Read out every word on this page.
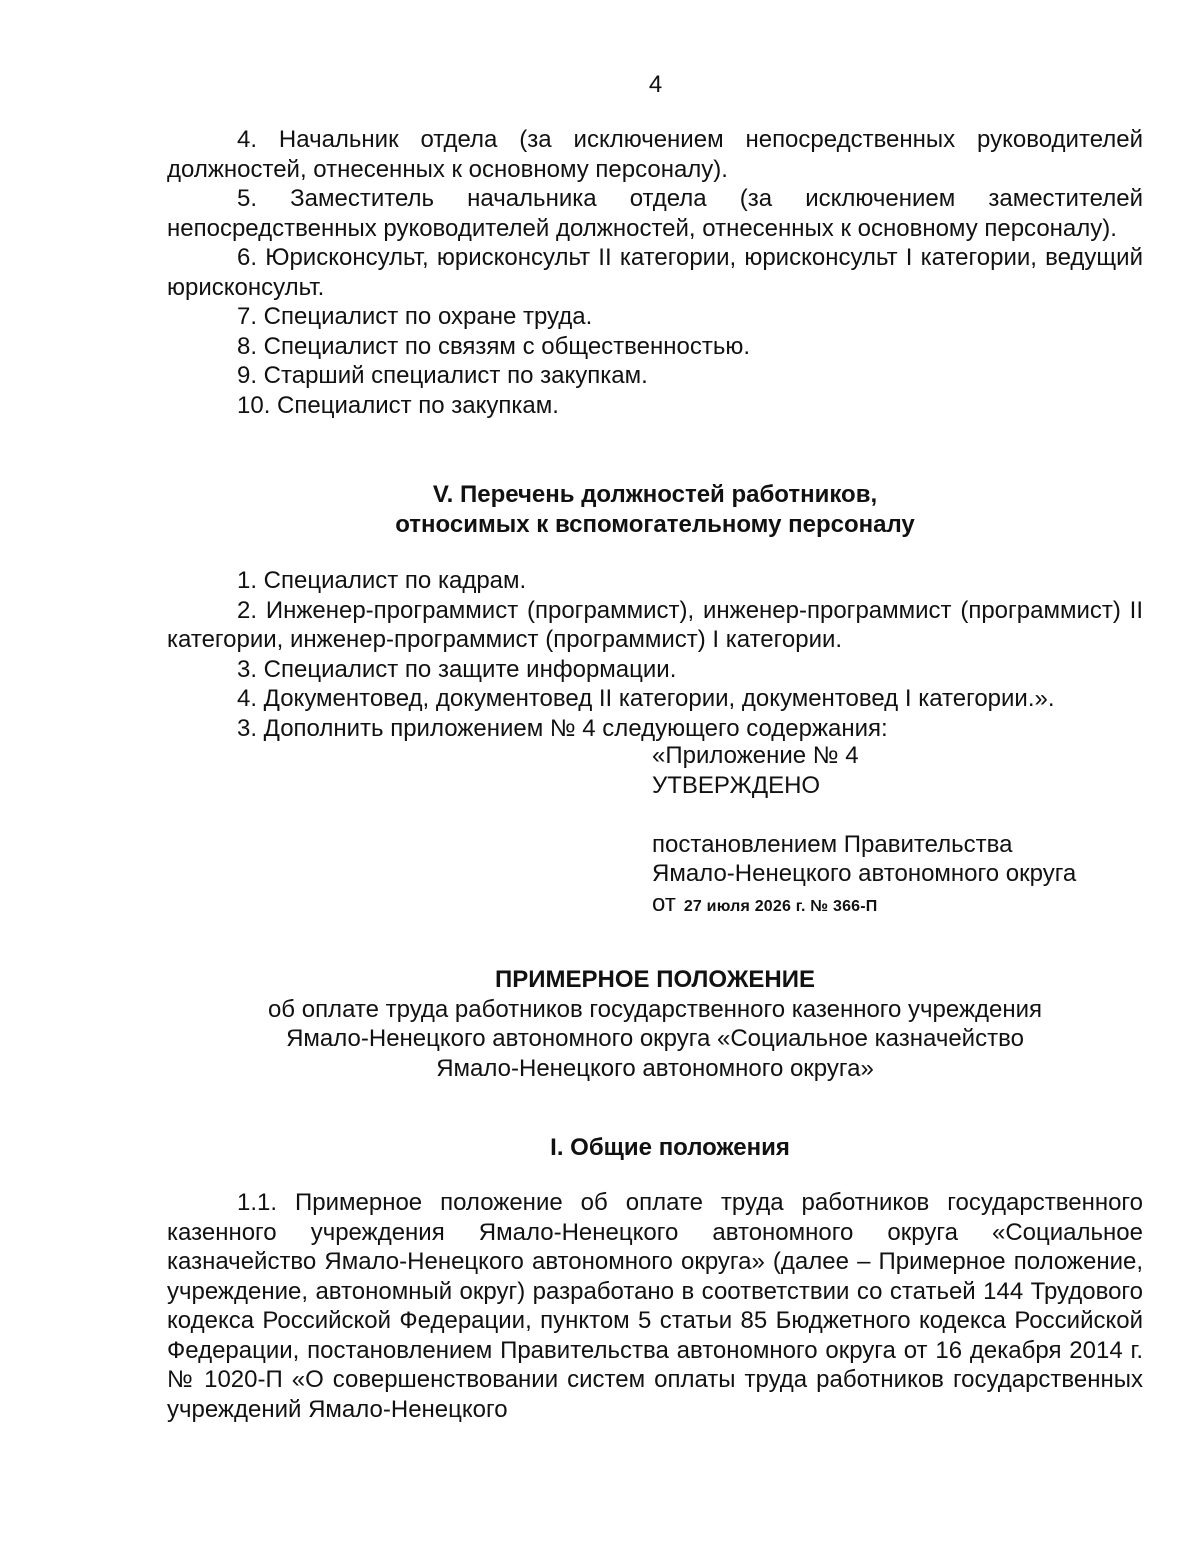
4

4. Начальник отдела (за исключением непосредственных руководителей должностей, отнесенных к основному персоналу).

5. Заместитель начальника отдела (за исключением заместителей непосредственных руководителей должностей, отнесенных к основному персоналу).

6. Юрисконсульт, юрисконсульт II категории, юрисконсульт I категории, ведущий юрисконсульт.

7. Специалист по охране труда.

8. Специалист по связям с общественностью.

9. Старший специалист по закупкам.

10. Специалист по закупкам.

V. Перечень должностей работников,

относимых к вспомогательному персоналу

1. Специалист по кадрам.

2. Инженер-программист (программист), инженер-программист (программист) II категории, инженер-программист (программист) I категории.

3. Специалист по защите информации.

4. Документовед, документовед II категории, документовед I категории.».

3. Дополнить приложением № 4 следующего содержания:

«Приложение № 4
УТВЕРЖДЕНО
постановлением Правительства
Ямало-Ненецкого автономного округа
от 27 июля 2026 г. № 366-П

ПРИМЕРНОЕ ПОЛОЖЕНИЕ

об оплате труда работников государственного казенного учреждения

Ямало-Ненецкого автономного округа «Социальное казначейство

Ямало-Ненецкого автономного округа»

I. Общие положения

1.1. Примерное положение об оплате труда работников государственного казенного учреждения Ямало-Ненецкого автономного округа «Социальное казначейство Ямало-Ненецкого автономного округа» (далее – Примерное положение, учреждение, автономный округ) разработано в соответствии со статьей 144 Трудового кодекса Российской Федерации, пунктом 5 статьи 85 Бюджетного кодекса Российской Федерации, постановлением Правительства автономного округа от 16 декабря 2014 г. № 1020-П «О совершенствовании систем оплаты труда работников государственных учреждений Ямало-Ненецкого
